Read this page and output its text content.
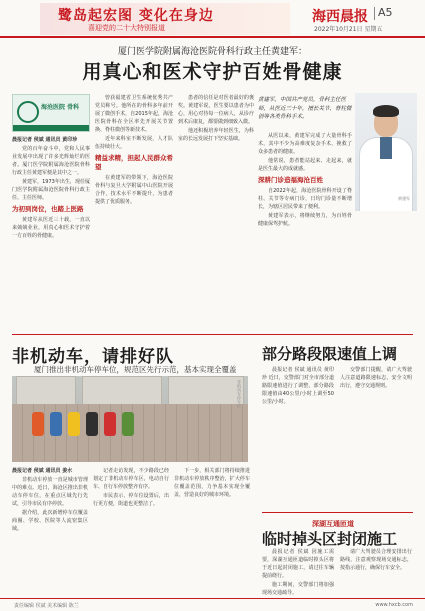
鹭岛起宏图 变化在身边
喜迎党的二十大特别报道
海西晨报 A5
2022年10月21日 星期五
厦门医学院附属海沧医院骨科行政主任黄建军：
用真心和医术守护百姓骨健康
海沧医院 骨科

晨报记者 侯斌 通讯员 黄印珍

党的百年奋斗中，党和人民事业发展中出现了许多光辉灿烂的医者。厦门医学院附属海沧医院骨科行政主任黄建军便是其中之一。

黄建军，1973年出生，现任厦门医学院附属海沧医院骨科行政主任、主任医师。

为初到岗位，也踏上医路

黄建军从医近三十载，一直以来兢兢业业，用真心和医术守护着一方百姓的骨健康。

曾获福建省卫生系统优秀共产党员称号。他所在的骨科多年前开展了微创手术，自2015年起，海沧医院骨科在全区率先开展关节置换、脊柱微创等新技术。

近年来科室不断发展，人才队伍持续壮大。

精益求精，担起人民群众希望

在黄建军的带领下，海沧医院骨科与复旦大学附属中山医院开展合作，技术水平不断提升，为患者提供了优质服务。

患者的信任是对医者最好的褒奖。黄建军说，医生要以患者为中心，用心对待每一位病人，从诊疗到术后康复，都要做到细致入微。

他还积极培养年轻医生，为科室的长远发展打下坚实基础。	从医以来，黄建军完成了大量骨科手术，其中不少为高难度复杂手术，挽救了众多患者的健康。

他常说，患者能站起来、走起来，就是医生最大的成就感。

深耕门诊造福海沧百姓

自2022年起，海沧医院骨科开设了脊柱、关节等专病门诊，日均门诊量不断增长，为辖区居民带来了便利。

黄建军表示，将继续努力，为百姓骨健康保驾护航。

黄建军，中国共产党员，骨科主任医师，从医近三十年，擅长关节、脊柱微创等各类骨科手术。
黄建军
非机动车，请排好队
厦门推出非机动车停车位，规范区先行示范，基本实现全覆盖
非机动车停车位

晨报记者 侯斌 通讯员 姜水

非机动车停放一直是城市管理中的难点。近日，海沧区推出非机动车停车位，在重点区域先行先试，引导市民有序停放。

据介绍，此次新增停车位覆盖商圈、学校、医院等人流密集区域。

记者走访发现，不少路段已经划定了非机动车停车区，电动自行车、自行车停放整齐有序。

市民表示，停车位设置后，出行更方便，街道也更整洁了。

下一步，相关部门将持续推进非机动车停放秩序整治，扩大停车位覆盖范围，力争基本实现全覆盖，营造良好的城市环境。

部分路段限速值上调

晨报记者 侯斌 通讯员 黄印珍 近日，交警部门对全市部分道路限速值进行了调整，部分路段限速值由40公里/小时上调至50公里/小时。

交警部门提醒，请广大驾驶人注意道路限速标志，安全文明出行，遵守交通规则。

深湖互通匝道
临时掉头区封闭施工

晨报记者 侯斌 因施工需要，深湖互通匝道临时掉头区将于近日起封闭施工，请过往车辆提前绕行。

施工期间，交警部门将加强现场交通疏导。

请广大驾驶员合理安排出行路线，注意观察现场交通标志，按指示通行，确保行车安全。

责任编辑 侯斌 美术编辑 陈兰	www.hxcb.com
